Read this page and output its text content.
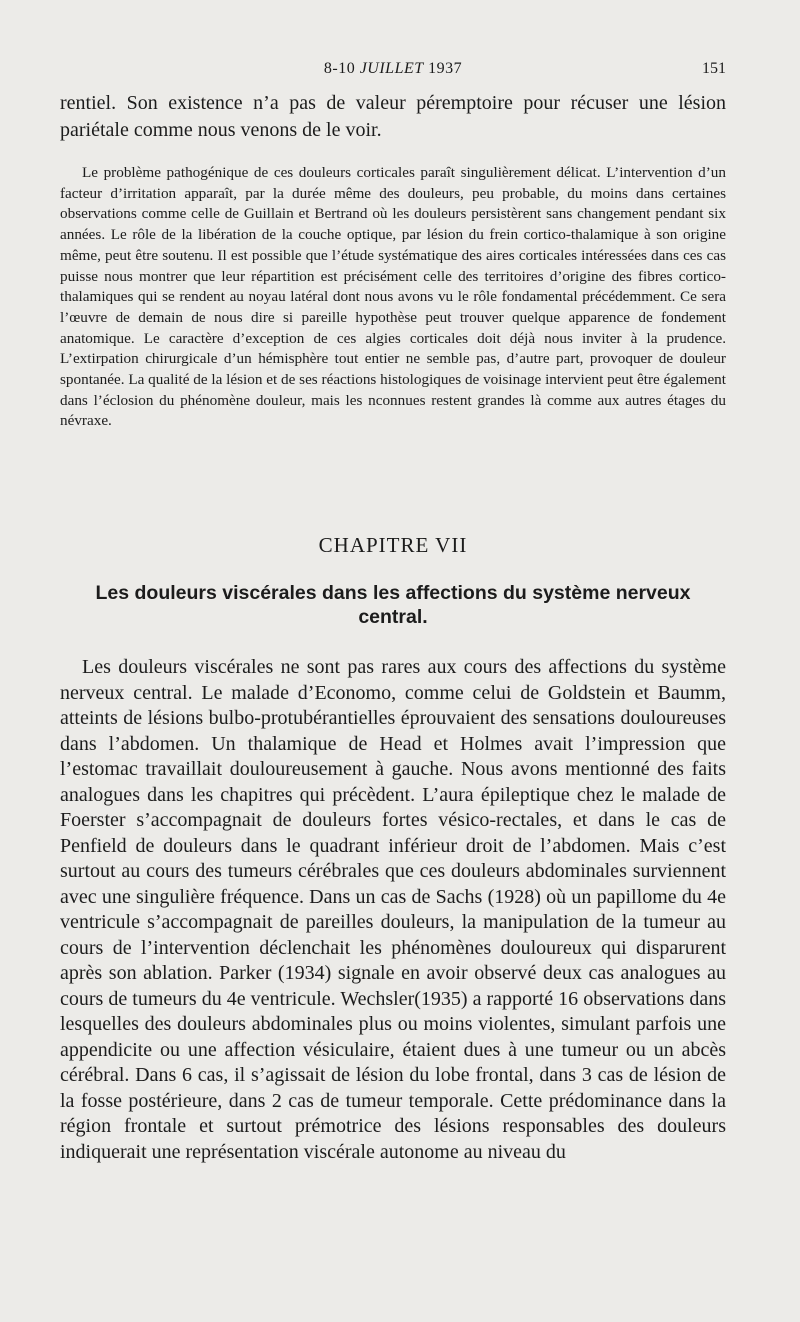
8-10 JUILLET 1937	151

rentiel. Son existence n’a pas de valeur péremptoire pour récuser une lésion pariétale comme nous venons de le voir.

Le problème pathogénique de ces douleurs corticales paraît singulièrement délicat. L’intervention d’un facteur d’irritation apparaît, par la durée même des douleurs, peu probable, du moins dans certaines observations comme celle de Guillain et Bertrand où les douleurs persistèrent sans changement pendant six années. Le rôle de la libération de la couche optique, par lésion du frein cortico-thalamique à son origine même, peut être soutenu. Il est possible que l’étude systématique des aires corticales intéressées dans ces cas puisse nous montrer que leur répartition est précisément celle des territoires d’origine des fibres cortico-thalamiques qui se rendent au noyau latéral dont nous avons vu le rôle fondamental précédemment. Ce sera l’œuvre de demain de nous dire si pareille hypothèse peut trouver quelque apparence de fondement anatomique. Le caractère d’exception de ces algies corticales doit déjà nous inviter à la prudence. L’extirpation chirurgicale d’un hémisphère tout entier ne semble pas, d’autre part, provoquer de douleur spontanée. La qualité de la lésion et de ses réactions histologiques de voisinage intervient peut être également dans l’éclosion du phénomène douleur, mais les nconnues restent grandes là comme aux autres étages du névraxe.

CHAPITRE VII
Les douleurs viscérales dans les affections du système nerveux central.

Les douleurs viscérales ne sont pas rares aux cours des affections du système nerveux central. Le malade d’Economo, comme celui de Goldstein et Baumm, atteints de lésions bulbo-protubérantielles éprouvaient des sensations douloureuses dans l’abdomen. Un thalamique de Head et Holmes avait l’impression que l’estomac travaillait douloureusement à gauche. Nous avons mentionné des faits analogues dans les chapitres qui précèdent. L’aura épileptique chez le malade de Foerster s’accompagnait de douleurs fortes vésico-rectales, et dans le cas de Penfield de douleurs dans le quadrant inférieur droit de l’abdomen. Mais c’est surtout au cours des tumeurs cérébrales que ces douleurs abdominales surviennent avec une singulière fréquence. Dans un cas de Sachs (1928) où un papillome du 4e ventricule s’accompagnait de pareilles douleurs, la manipulation de la tumeur au cours de l’intervention déclenchait les phénomènes douloureux qui disparurent après son ablation. Parker (1934) signale en avoir observé deux cas analogues au cours de tumeurs du 4e ventricule. Wechsler(1935) a rapporté 16 observations dans lesquelles des douleurs abdominales plus ou moins violentes, simulant parfois une appendicite ou une affection vésiculaire, étaient dues à une tumeur ou un abcès cérébral. Dans 6 cas, il s’agissait de lésion du lobe frontal, dans 3 cas de lésion de la fosse postérieure, dans 2 cas de tumeur temporale. Cette prédominance dans la région frontale et surtout prémotrice des lésions responsables des douleurs indiquerait une représentation viscérale autonome au niveau du
